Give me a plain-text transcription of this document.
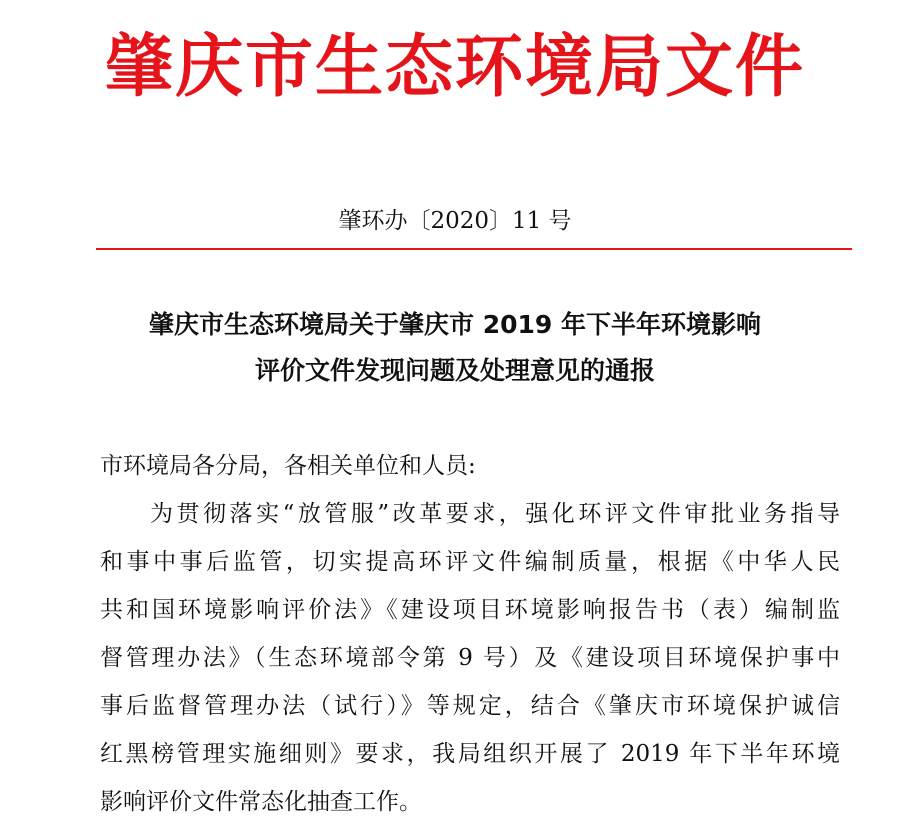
肇庆市生态环境局文件
肇环办〔2020〕11 号
肇庆市生态环境局关于肇庆市 2019 年下半年环境影响
评价文件发现问题及处理意见的通报
市环境局各分局，各相关单位和人员:
为贯彻落实“放管服”改革要求，强化环评文件审批业务指导
和事中事后监管，切实提高环评文件编制质量，根据《中华人民
共和国环境影响评价法》《建设项目环境影响报告书（表）编制监
督管理办法》（生态环境部令第 9 号）及《建设项目环境保护事中
事后监督管理办法（试行）》等规定，结合《肇庆市环境保护诚信
红黑榜管理实施细则》要求，我局组织开展了 2019 年下半年环境
影响评价文件常态化抽查工作。
